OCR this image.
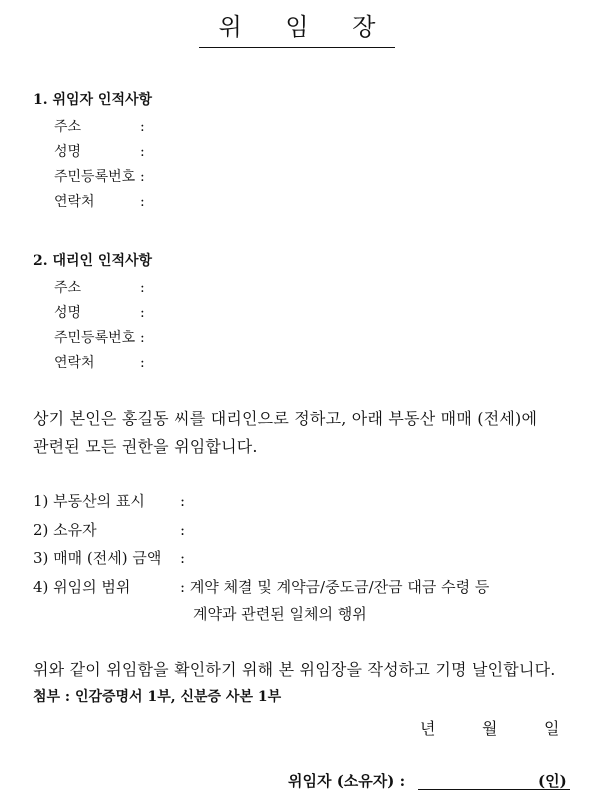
위 임 장
1. 위임자 인적사항
주소	:
성명	:
주민등록번호 :
연락처	:
2. 대리인 인적사항
주소	:
성명	:
주민등록번호 :
연락처	:
상기 본인은 홍길동 씨를 대리인으로 정하고, 아래 부동산 매매 (전세)에
관련된 모든 권한을 위임합니다.
1) 부동산의 표시 :
2) 소유자	:
3) 매매 (전세) 금액 :
4) 위임의 범위	: 계약 체결 및 계약금/중도금/잔금 대금 수령 등
계약과 관련된 일체의 행위
위와 같이 위임함을 확인하기 위해 본 위임장을 작성하고 기명 날인합니다.
첨부 : 인감증명서 1부, 신분증 사본 1부
년	월	일
위임자 (소유자) :	(인)
